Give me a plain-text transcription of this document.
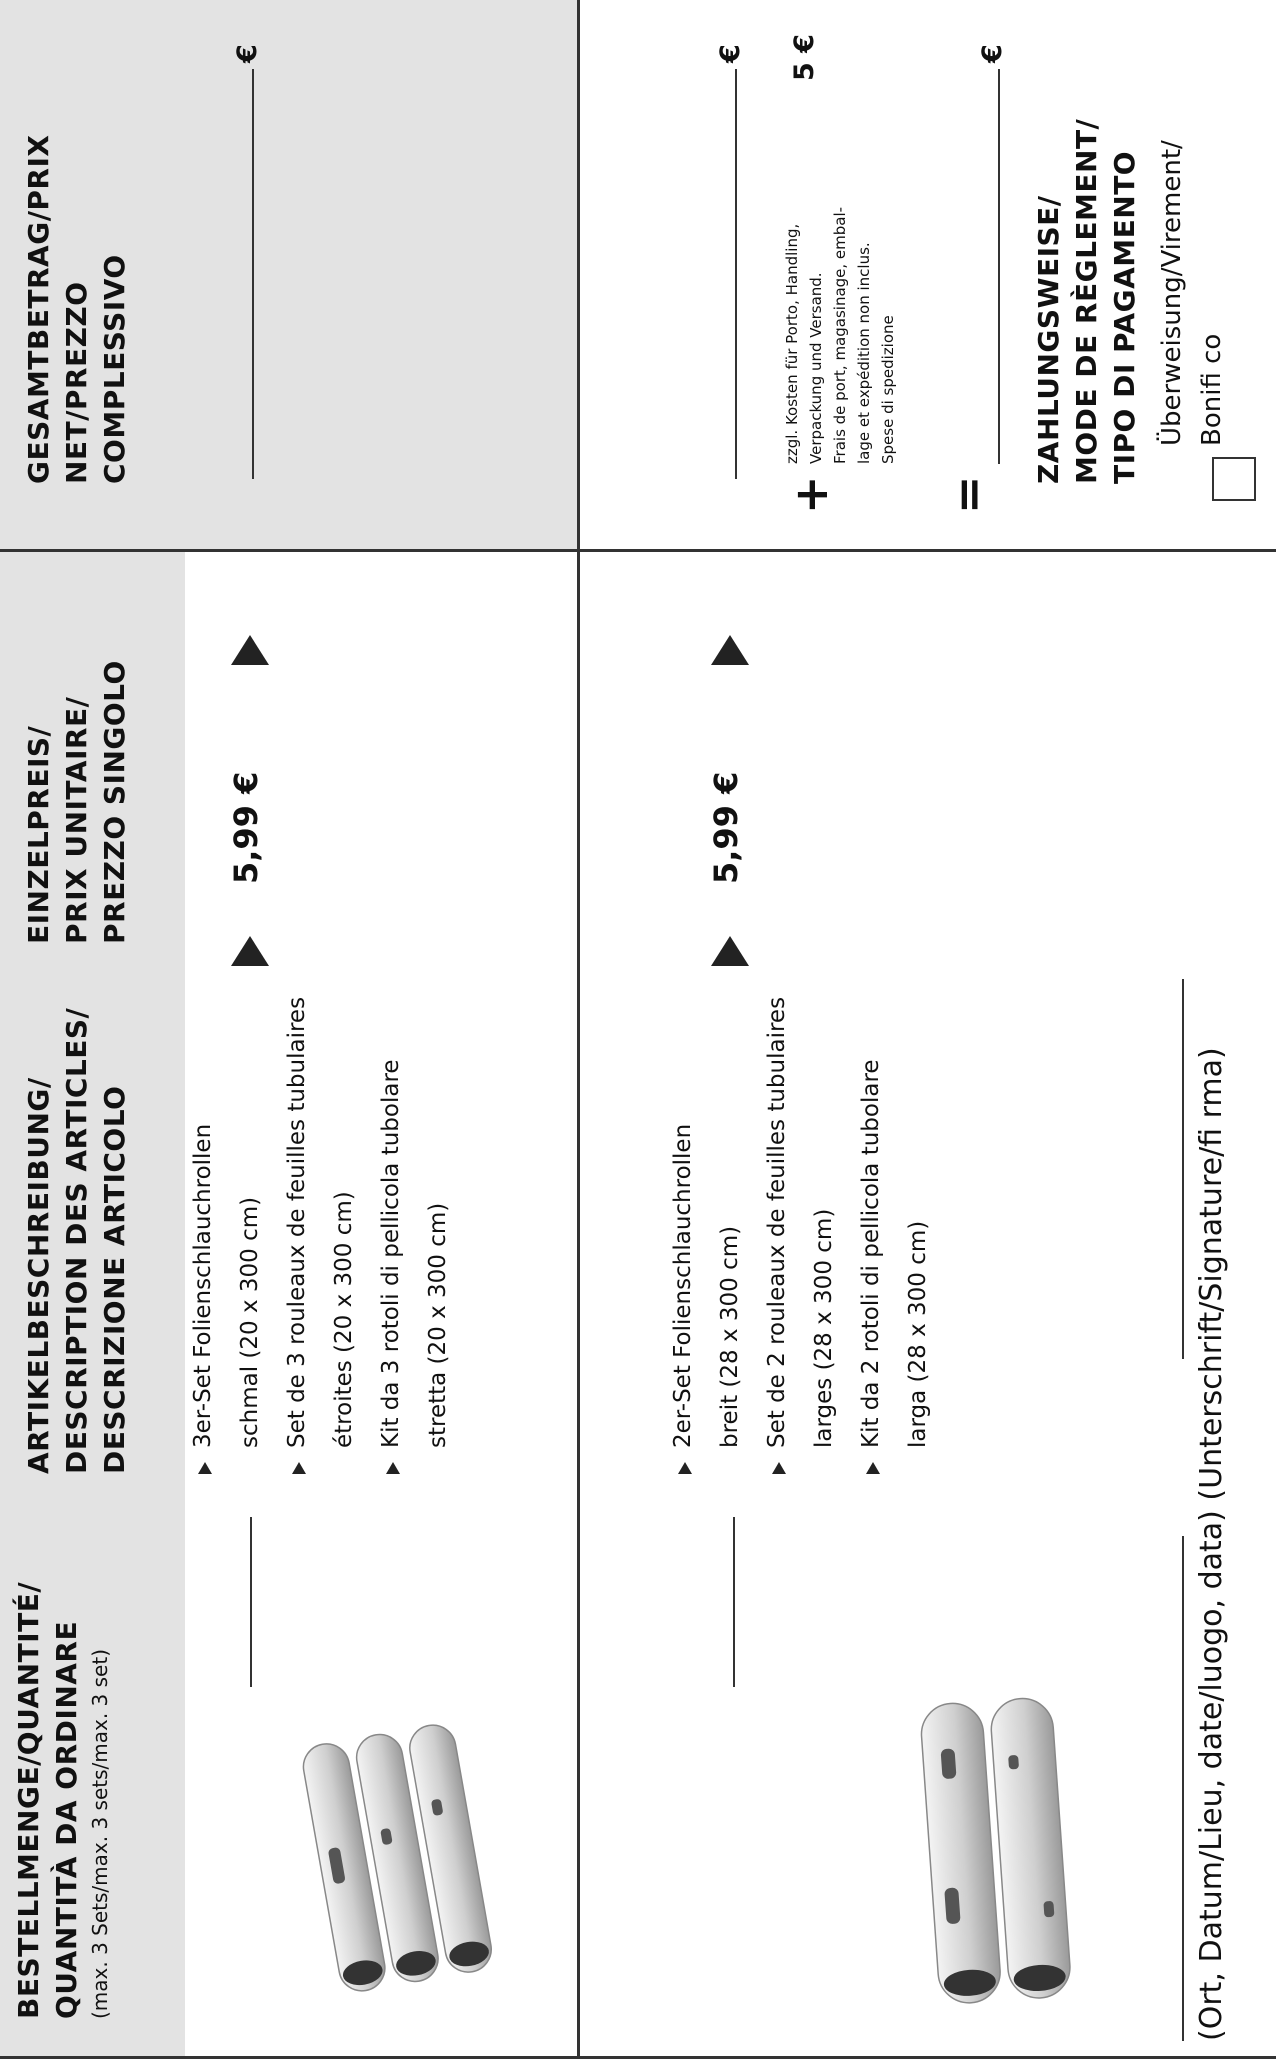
BESTELLMENGE/QUANTITÉ/ QUANTITÀ DA ORDINARE (max. 3 Sets/max. 3 sets/max. 3 set)
ARTIKELBESCHREIBUNG/ DESCRIPTION DES ARTICLES/ DESCRIZIONE ARTICOLO
EINZELPREIS/ PRIX UNITAIRE/ PREZZO SINGOLO
GESAMTBETRAG/PRIX NET/PREZZO COMPLESSIVO
3er-Set Folienschlauchrollen schmal (20 x 300 cm) Set de 3 rouleaux de feuilles tubulaires étroites (20 x 300 cm) Kit da 3 rotoli di pellicola tubolare stretta (20 x 300 cm)
5,99 €
€
2er-Set Folienschlauchrollen breit (28 x 300 cm) Set de 2 rouleaux de feuilles tubulaires larges (28 x 300 cm) Kit da 2 rotoli di pellicola tubolare larga (28 x 300 cm)
5,99 €
€
+
zzgl. Kosten für Porto, Handling, Verpackung und Versand. Frais de port, magasinage, embal- lage et expédition non inclus. Spese di spedizione
5 €
=
€
ZAHLUNGSWEISE/ MODE DE RÈGLEMENT/ TIPO DI PAGAMENTO Überweisung/Virement/ Bonifi co
(Ort, Datum/Lieu, date/luogo, data) (Unterschrift/Signature/fi rma)
